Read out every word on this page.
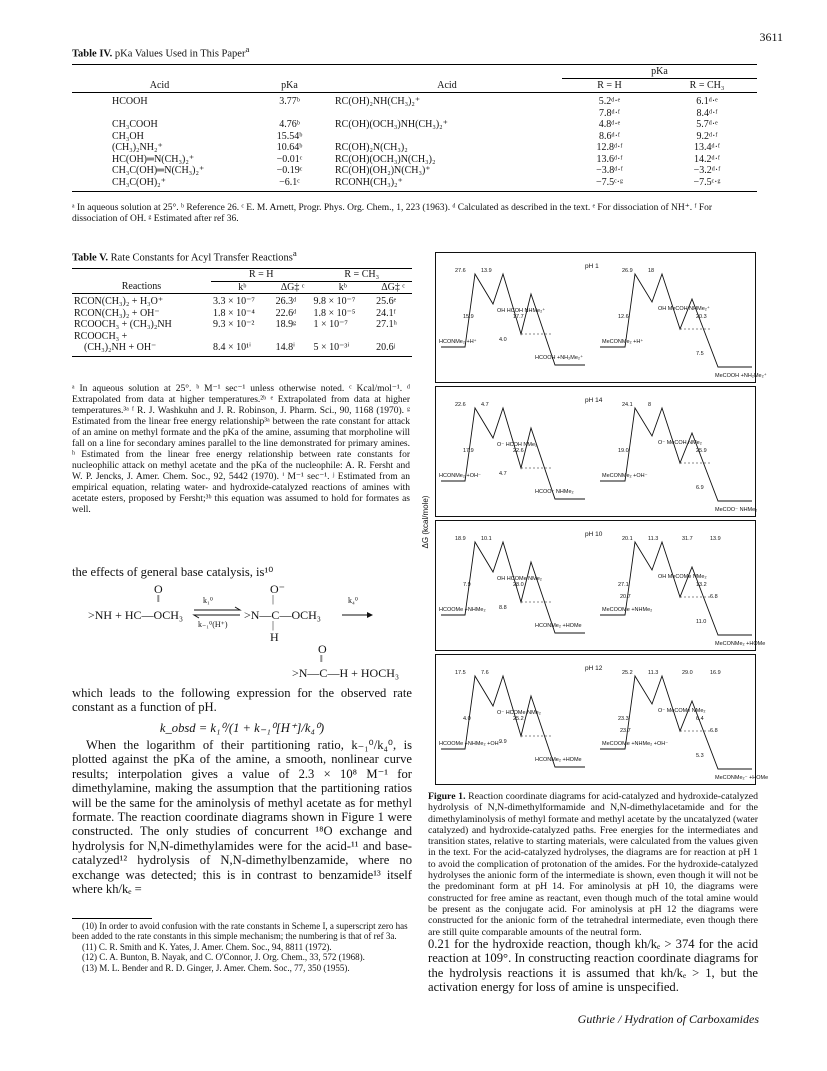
3611
Table IV. pKa Values Used in This Paper$^a$
			pKa	
Acid	pKa	Acid	R = H	R = CH₃
HCOOH	3.77ᵇ	RC(OH)₂NH(CH₃)₂⁺	5.2ᵈ·ᵉ	6.1ᵈ·ᵉ
			7.8ᵈ·ᶠ	8.4ᵈ·ᶠ
CH₃COOH	4.76ᵇ	RC(OH)(OCH₃)NH(CH₃)₂⁺	4.8ᵈ·ᵉ	5.7ᵈ·ᵉ
CH₃OH	15.54ᵇ		8.6ᵈ·ᶠ	9.2ᵈ·ᶠ
(CH₃)₂NH₂⁺	10.64ᵇ	RC(OH)₂N(CH₃)₂	12.8ᵈ·ᶠ	13.4ᵈ·ᶠ
HC(OH)═N(CH₃)₂⁺	−0.01ᶜ	RC(OH)(OCH₃)N(CH₃)₂	13.6ᵈ·ᶠ	14.2ᵈ·ᶠ
CH₃C(OH)═N(CH₃)₂⁺	−0.19ᶜ	RC(OH)(OH₂)N(CH₃)⁺	−3.8ᵈ·ᶠ	−3.2ᵈ·ᶠ
CH₃C(OH)₂⁺	−6.1ᶜ	RCONH(CH₃)₂⁺	−7.5ᶜ·ᵍ	−7.5ᶜ·ᵍ
ᵃ In aqueous solution at 25°. ᵇ Reference 26. ᶜ E. M. Arnett, Progr. Phys. Org. Chem., 1, 223 (1963). ᵈ Calculated as described in the text. ᵉ For dissociation of NH⁺. ᶠ For dissociation of OH. ᵍ Estimated after ref 36.
Table V. Rate Constants for Acyl Transfer Reactions$^a$
	R = H		R = CH₃	
Reactions	kᵇ	ΔG‡ ᶜ	kᵇ	ΔG‡ ᶜ
RCON(CH₃)₂ + H₃O⁺	3.3 × 10⁻⁷	26.3ᵈ	9.8 × 10⁻⁷	25.6ᵉ
RCON(CH₃)₂ + OH⁻	1.8 × 10⁻⁴	22.6ᵈ	1.8 × 10⁻⁵	24.1ᶠ
RCOOCH₃ + (CH₃)₂NH	9.3 × 10⁻²	18.9ᵍ	1 × 10⁻⁷	27.1ʰ
RCOOCH₃ +				
(CH₃)₂NH + OH⁻	8.4 × 10¹ⁱ	14.8ⁱ	5 × 10⁻³ⁱ	20.6ʲ
ᵃ In aqueous solution at 25°. ᵇ M⁻¹ sec⁻¹ unless otherwise noted. ᶜ Kcal/mol⁻¹. ᵈ Extrapolated from data at higher temperatures.²ᵇ ᵉ Extrapolated from data at higher temperatures.³ᵃ ᶠ R. J. Washkuhn and J. R. Robinson, J. Pharm. Sci., 90, 1168 (1970). ᵍ Estimated from the linear free energy relationship³ᵃ between the rate constant for attack of an amine on methyl formate and the pKa of the amine, assuming that morpholine will fall on a line for secondary amines parallel to the line demonstrated for primary amines. ʰ Estimated from the linear free energy relationship between rate constants for nucleophilic attack on methyl acetate and the pKa of the nucleophile: A. R. Fersht and W. P. Jencks, J. Amer. Chem. Soc., 92, 5442 (1970). ⁱ M⁻¹ sec⁻¹. ʲ Estimated from an empirical equation, relating water- and hydroxide-catalyzed reactions of amines with acetate esters, proposed by Fersht;³ᵇ this equation was assumed to hold for formates as well.
the effects of general base catalysis, is¹⁰
O
‖
>NH + HC—OCH₃
k₁⁰
k₋₁⁰(H⁺)
O⁻
|
>N—C—OCH₃
|
H
k₄⁰
O
‖
>N—C—H + HOCH₃
which leads to the following expression for the observed rate constant as a function of pH.
k_obsd = k₁⁰/(1 + k₋₁⁰[H⁺]/k₄⁰)
When the logarithm of their partitioning ratio, k₋₁⁰/k₄⁰, is plotted against the pKa of the amine, a smooth, nonlinear curve results; interpolation gives a value of 2.3 × 10⁸ M⁻¹ for dimethylamine, making the assumption that the partitioning ratios will be the same for the aminolysis of methyl acetate as for methyl formate. The reaction coordinate diagrams shown in Figure 1 were constructed. The only studies of concurrent ¹⁸O exchange and hydrolysis for N,N-dimethylamides were for the acid-¹¹ and base-catalyzed¹² hydrolysis of N,N-dimethylbenzamide, where no exchange was detected; this is in contrast to benzamide¹³ itself where kh/kₑ =

(10) In order to avoid confusion with the rate constants in Scheme I, a superscript zero has been added to the rate constants in this simple mechanism; the numbering is that of ref 3a.

(11) C. R. Smith and K. Yates, J. Amer. Chem. Soc., 94, 8811 (1972).

(12) C. A. Bunton, B. Nayak, and C. O'Connor, J. Org. Chem., 33, 572 (1968).

(13) M. L. Bender and R. D. Ginger, J. Amer. Chem. Soc., 77, 350 (1955).

ΔG (kcal/mole)
pH 1
HCONMe₂ +H⁺
HCOOH +NH₂Me₂⁺
MeCONMe₂ +H⁺
MeCOOH +NH₂Me₂⁺
OH HCOH NHMe₂⁺	OH MeCOH NHMe₂⁺
27.6	13.9
15.9	17.7
4.0
26.9	18
12.6	20.3
7.5
pH 14
HCONMe₂ +OH⁻
HCOO⁻ NHMe₂
MeCONMe₂ +OH⁻
MeCOO⁻ NHMe₂
O⁻ HCOH NMe₂	O⁻ MeCOH NMe₂
22.6	4.7
17.9	22.6
4.7
24.1	8
19.0	25.9
6.9
pH 10
HCOOMe +NHMe₂
HCONMe₂ +HOMe
MeCOOMe +NHMe₂
MeCONMe₂ +HOMe
OH HCOMe NMe₂	OH MeCOMe NMe₂
18.9	10.1
7.9	28.0
8.8
20.1	11.3
27.1	13.2
11.0
31.7	13.9
20.7	6.8
pH 12
HCOOMe +NHMe₂ +OH⁻
HCONMe₂ +HOMe
MeCOOMe +NHMe₂ +OH⁻
MeCONMe₂⁻ +HOMe
O⁻ HCOMe NMe₂	O⁻ MeCOMe NMe₂
17.5	7.6
4.0	25.2
9.9
25.2	11.3
23.3	6.4
5.3
29.0	16.9
23.7	6.8
Figure 1. Reaction coordinate diagrams for acid-catalyzed and hydroxide-catalyzed hydrolysis of N,N-dimethylformamide and N,N-dimethylacetamide and for the dimethylaminolysis of methyl formate and methyl acetate by the uncatalyzed (water catalyzed) and hydroxide-catalyzed paths. Free energies for the intermediates and transition states, relative to starting materials, were calculated from the values given in the text. For the acid-catalyzed hydrolyses, the diagrams are for reaction at pH 1 to avoid the complication of protonation of the amides. For the hydroxide-catalyzed hydrolyses the anionic form of the intermediate is shown, even though it will not be the predominant form at pH 14. For aminolysis at pH 10, the diagrams were constructed for free amine as reactant, even though much of the total amine would be present as the conjugate acid. For aminolysis at pH 12 the diagrams were constructed for the anionic form of the tetrahedral intermediate, even though there are still quite comparable amounts of the neutral form.
0.21 for the hydroxide reaction, though kh/kₑ > 374 for the acid reaction at 109°. In constructing reaction coordinate diagrams for the hydrolysis reactions it is assumed that kh/kₑ > 1, but the activation energy for loss of amine is unspecified.
Guthrie / Hydration of Carboxamides
